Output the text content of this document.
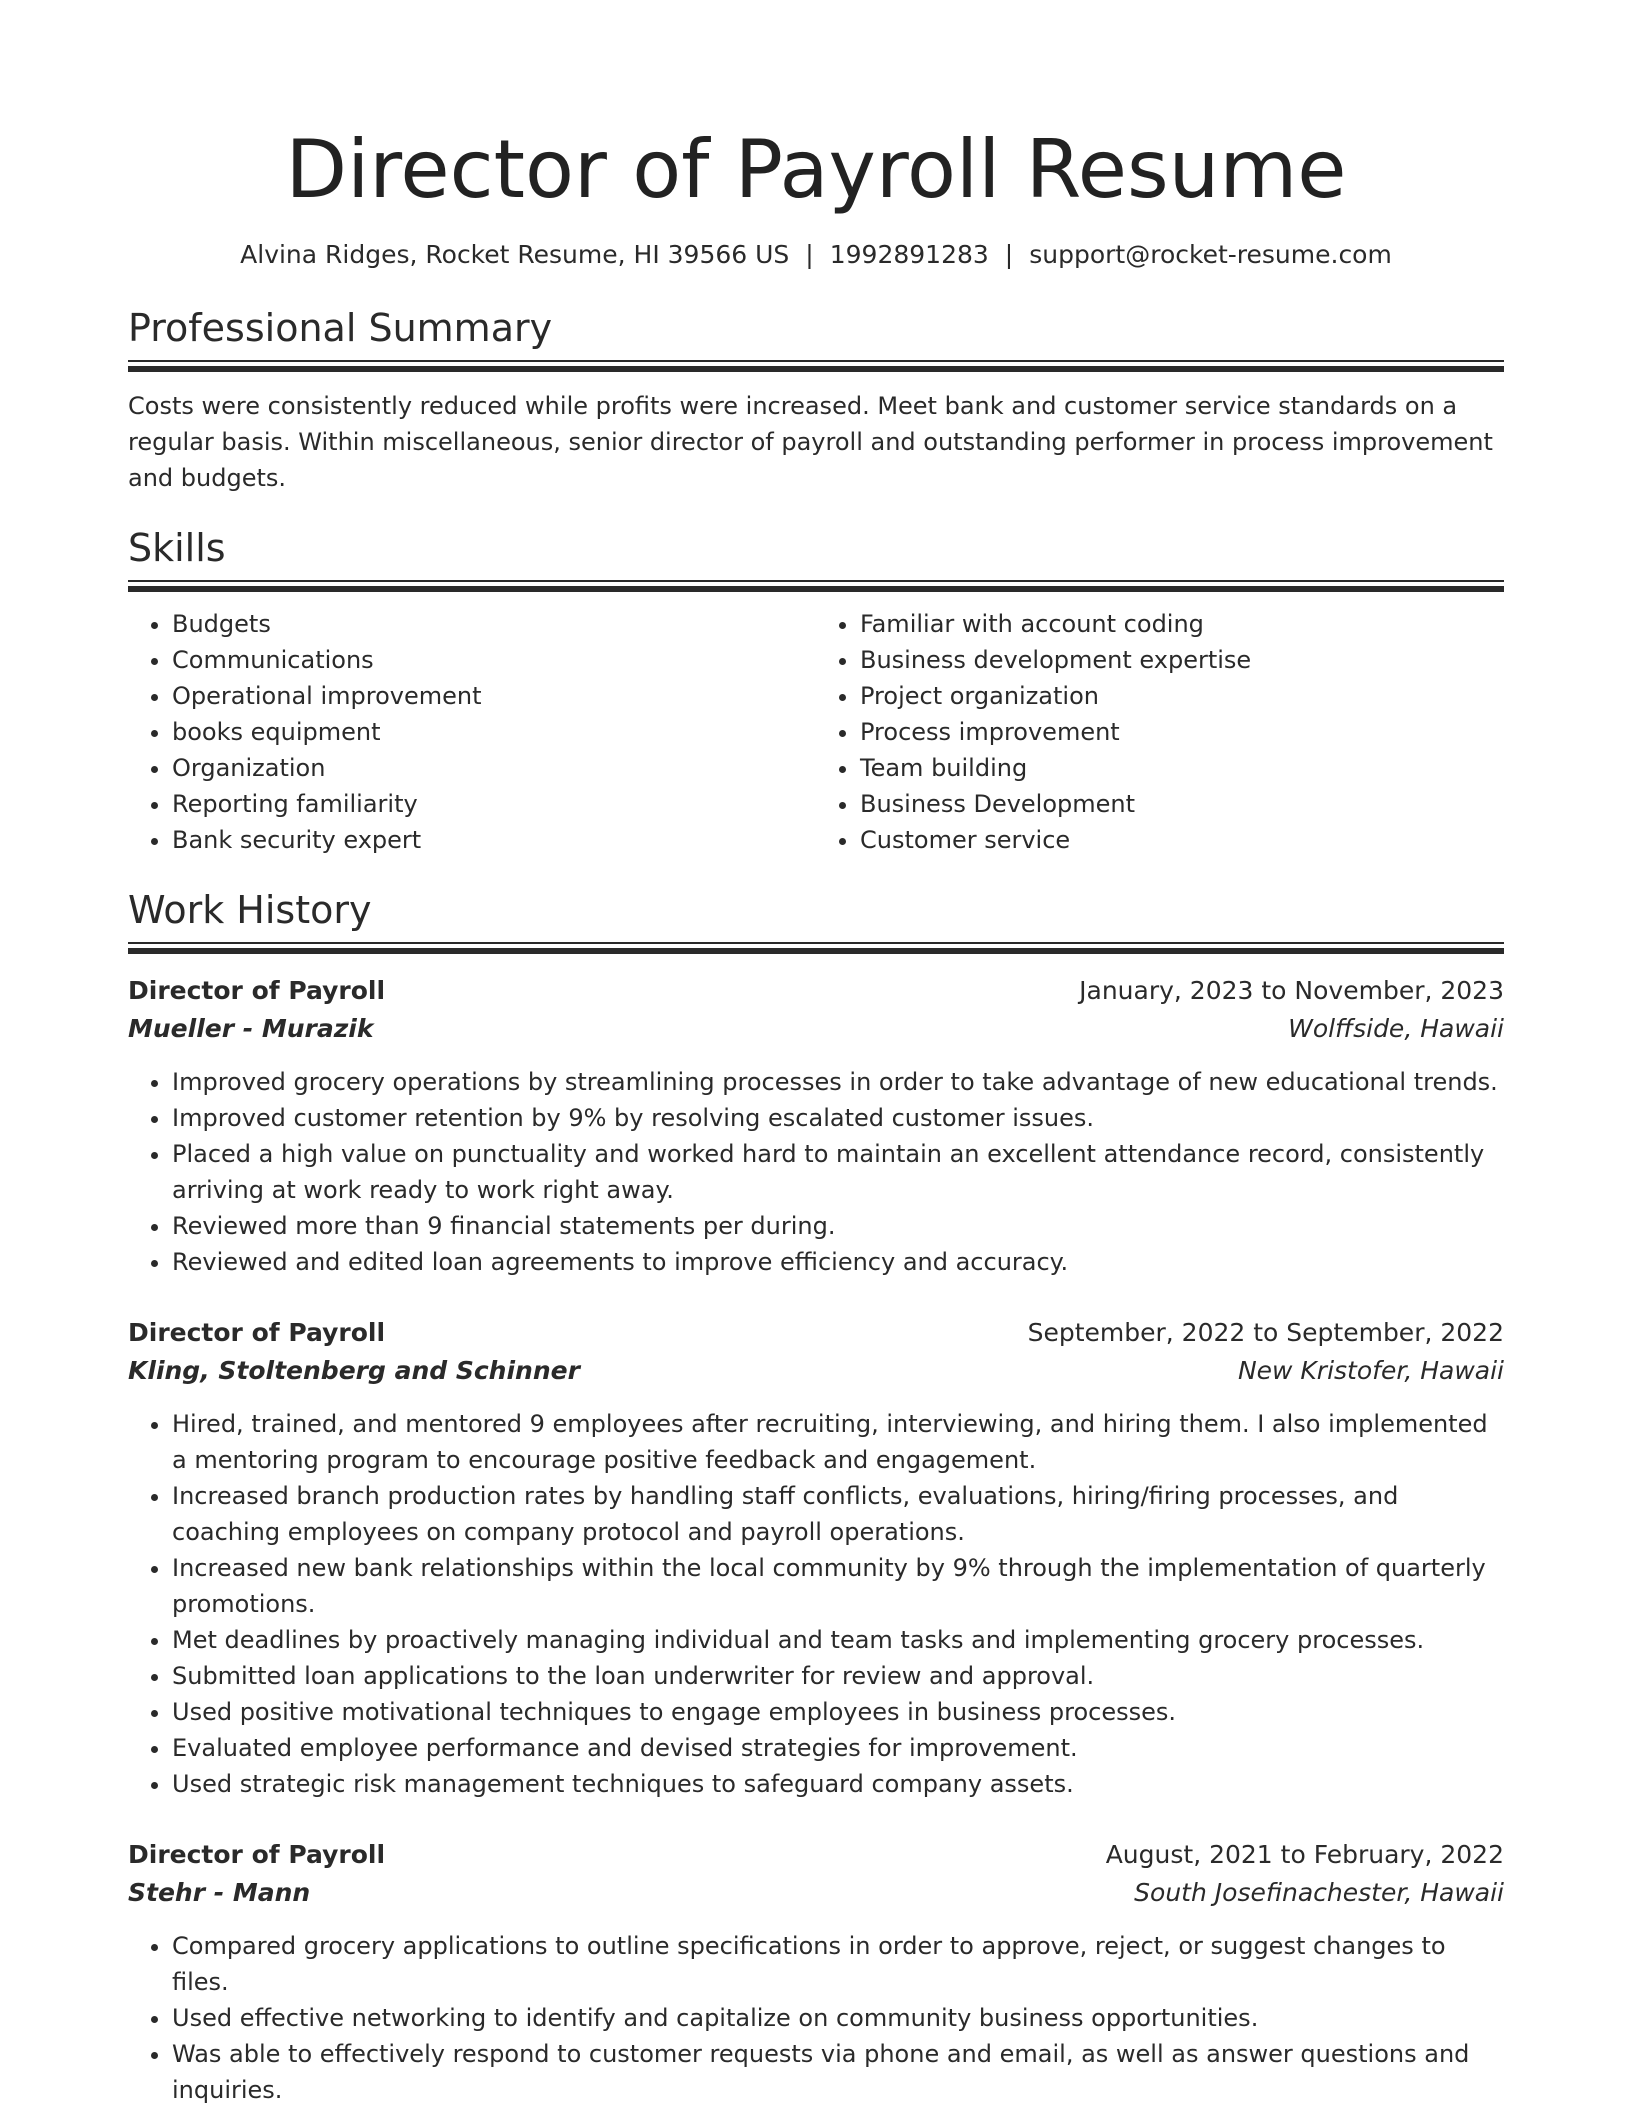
Director of Payroll Resume
Alvina Ridges, Rocket Resume, HI 39566 US | 1992891283 | support@rocket-resume.com
Professional Summary

Costs were consistently reduced while profits were increased. Meet bank and customer service standards on a regular basis. Within miscellaneous, senior director of payroll and outstanding performer in process improvement and budgets.

Skills
• Budgets
• Communications
• Operational improvement
• books equipment
• Organization
• Reporting familiarity
• Bank security expert
• Familiar with account coding
• Business development expertise
• Project organization
• Process improvement
• Team building
• Business Development
• Customer service
Work History
Director of Payroll	January, 2023 to November, 2023
Mueller - Murazik	Wolffside, Hawaii
• Improved grocery operations by streamlining processes in order to take advantage of new educational trends.
• Improved customer retention by 9% by resolving escalated customer issues.
• Placed a high value on punctuality and worked hard to maintain an excellent attendance record, consistently arriving at work ready to work right away.
• Reviewed more than 9 financial statements per during.
• Reviewed and edited loan agreements to improve efficiency and accuracy.
Director of Payroll	September, 2022 to September, 2022
Kling, Stoltenberg and Schinner	New Kristofer, Hawaii
• Hired, trained, and mentored 9 employees after recruiting, interviewing, and hiring them. I also implemented a mentoring program to encourage positive feedback and engagement.
• Increased branch production rates by handling staff conflicts, evaluations, hiring/firing processes, and coaching employees on company protocol and payroll operations.
• Increased new bank relationships within the local community by 9% through the implementation of quarterly promotions.
• Met deadlines by proactively managing individual and team tasks and implementing grocery processes.
• Submitted loan applications to the loan underwriter for review and approval.
• Used positive motivational techniques to engage employees in business processes.
• Evaluated employee performance and devised strategies for improvement.
• Used strategic risk management techniques to safeguard company assets.
Director of Payroll	August, 2021 to February, 2022
Stehr - Mann	South Josefinachester, Hawaii
• Compared grocery applications to outline specifications in order to approve, reject, or suggest changes to files.
• Used effective networking to identify and capitalize on community business opportunities.
• Was able to effectively respond to customer requests via phone and email, as well as answer questions and inquiries.
